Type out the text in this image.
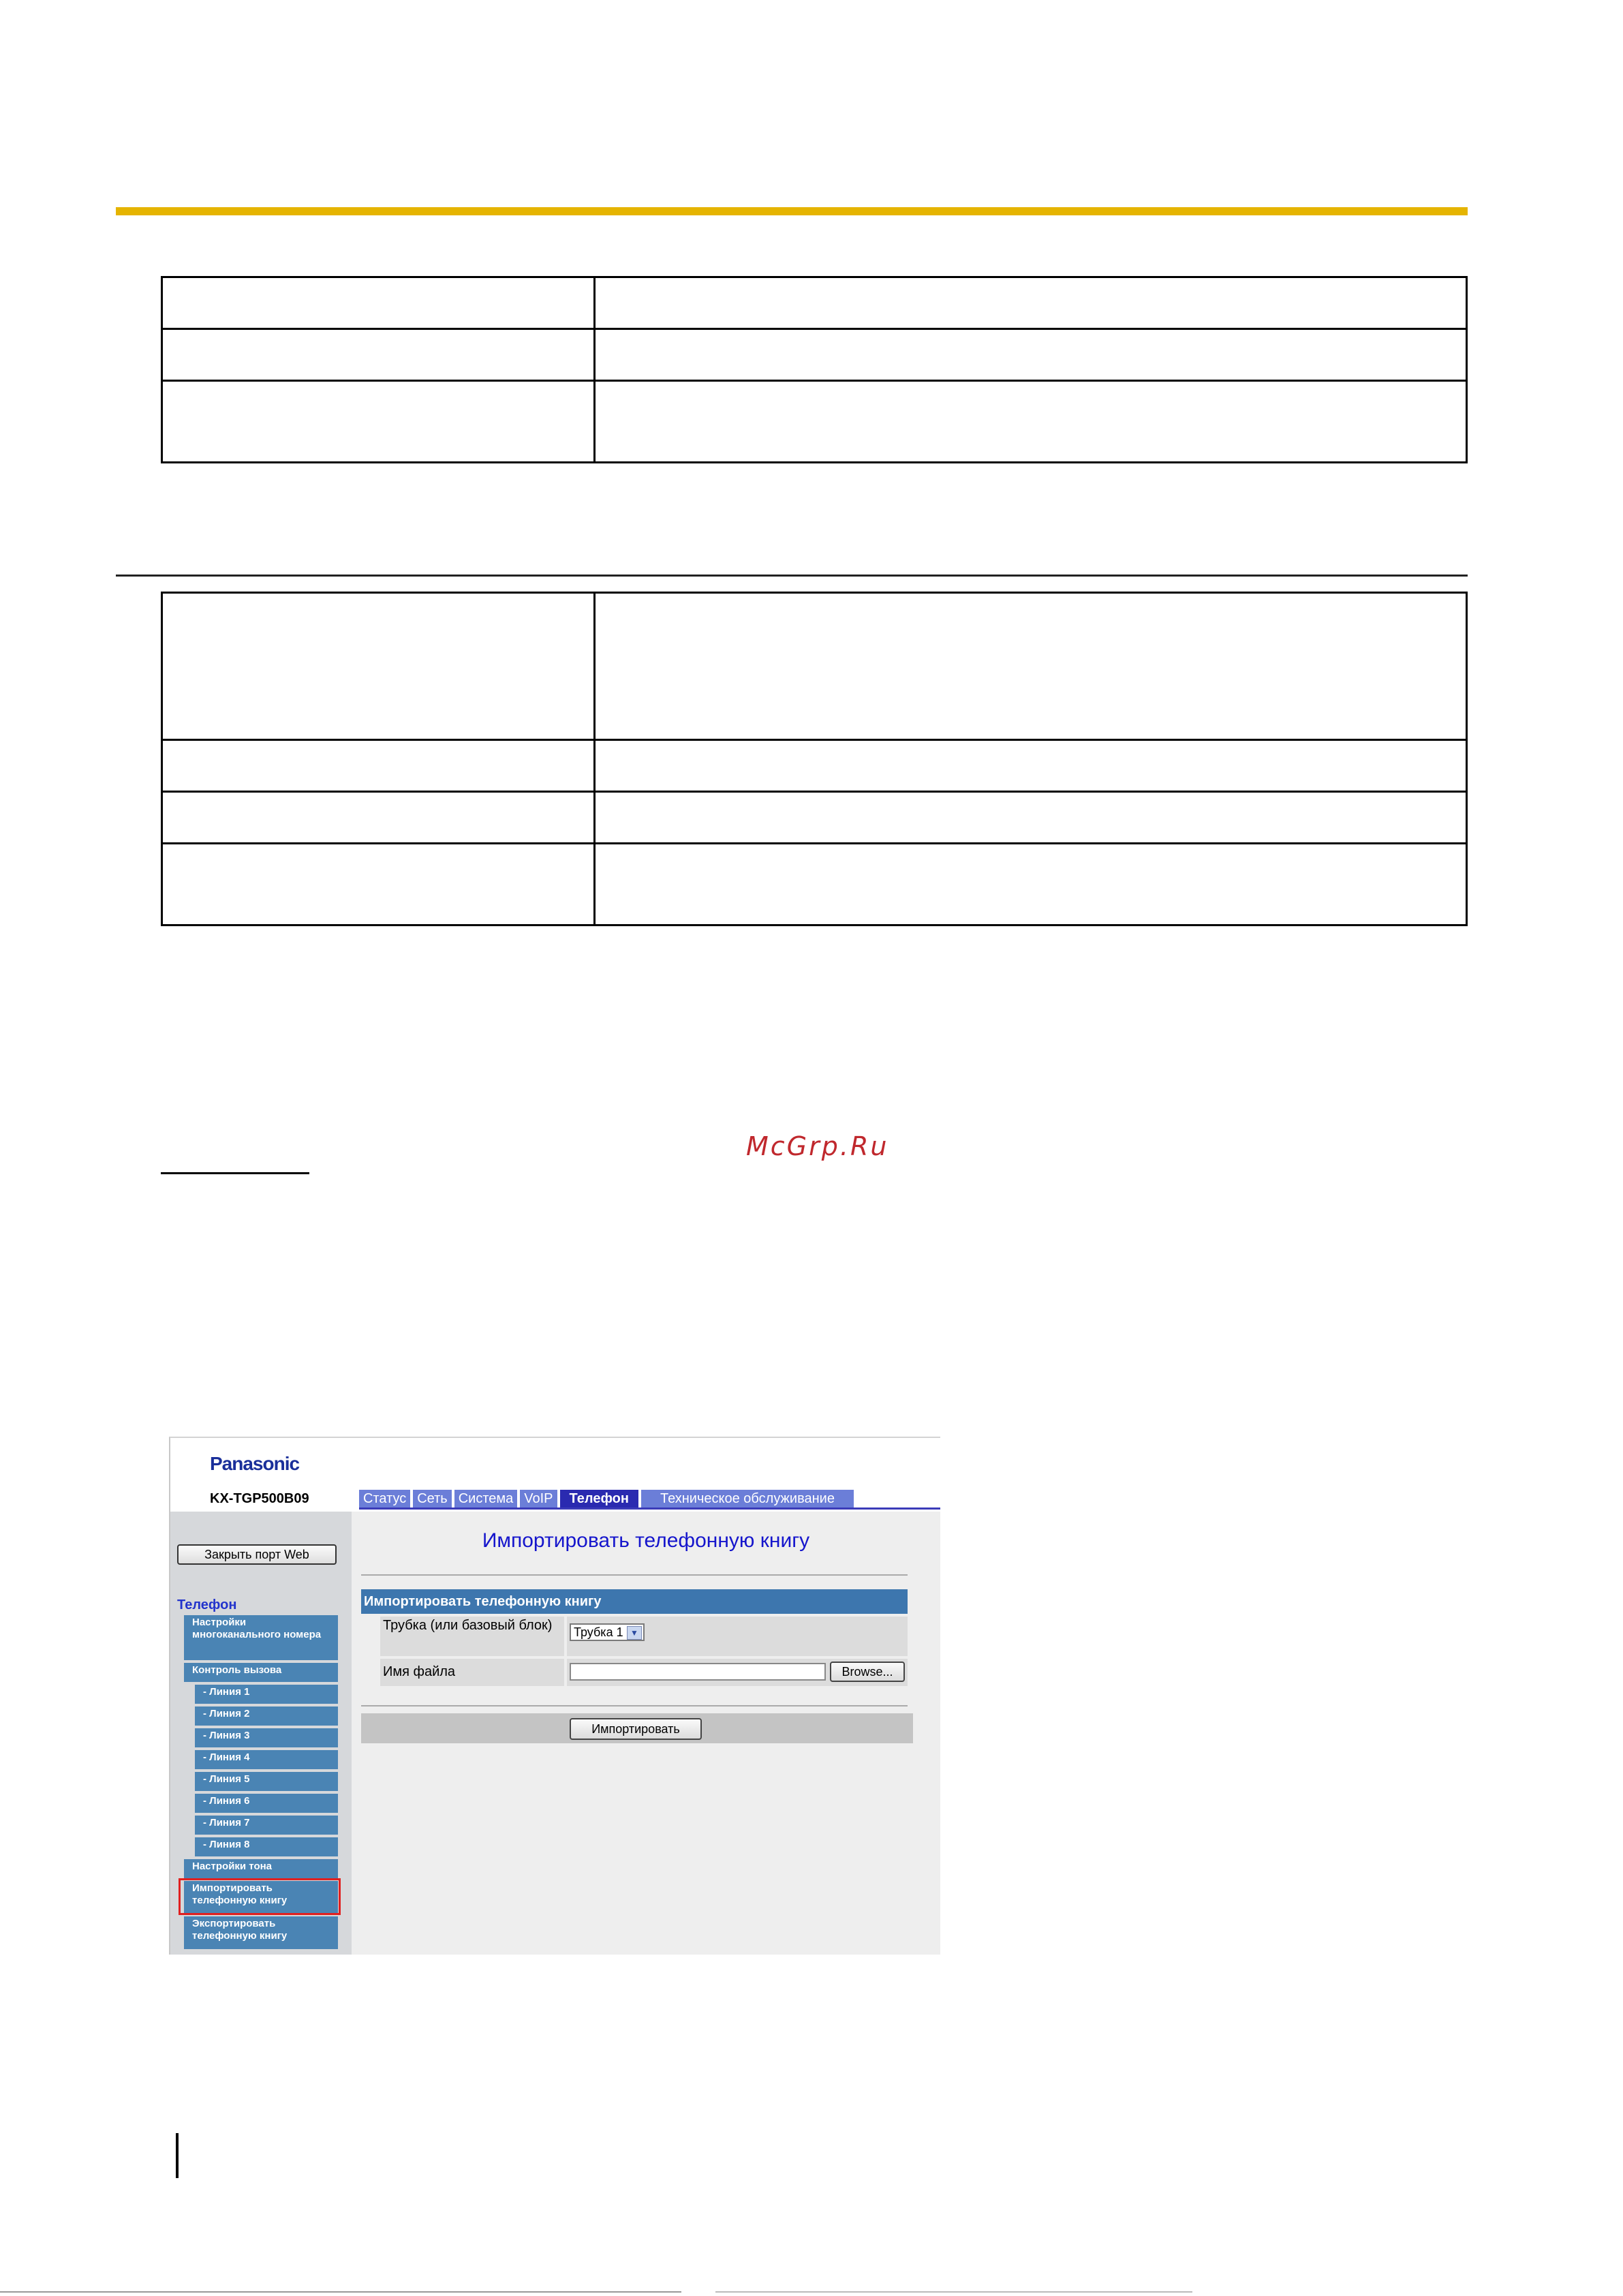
McGrp.Ru
Panasonic
KX-TGP500B09	Статус Сеть Система VoIP	Телефон	Техническое обслуживание
Закрыть порт Web
Телефон
Настройки многоканального номера
Контроль вызова
- Линия 1
- Линия 2
- Линия 3
- Линия 4
- Линия 5
- Линия 6
- Линия 7
- Линия 8
Настройки тона
Импортировать телефонную книгу
Экспортировать телефонную книгу
Импортировать телефонную книгу
Импортировать телефонную книгу
Трубка (или базовый блок)	Трубка 1 ▼
Имя файла	Browse...
Импортировать
